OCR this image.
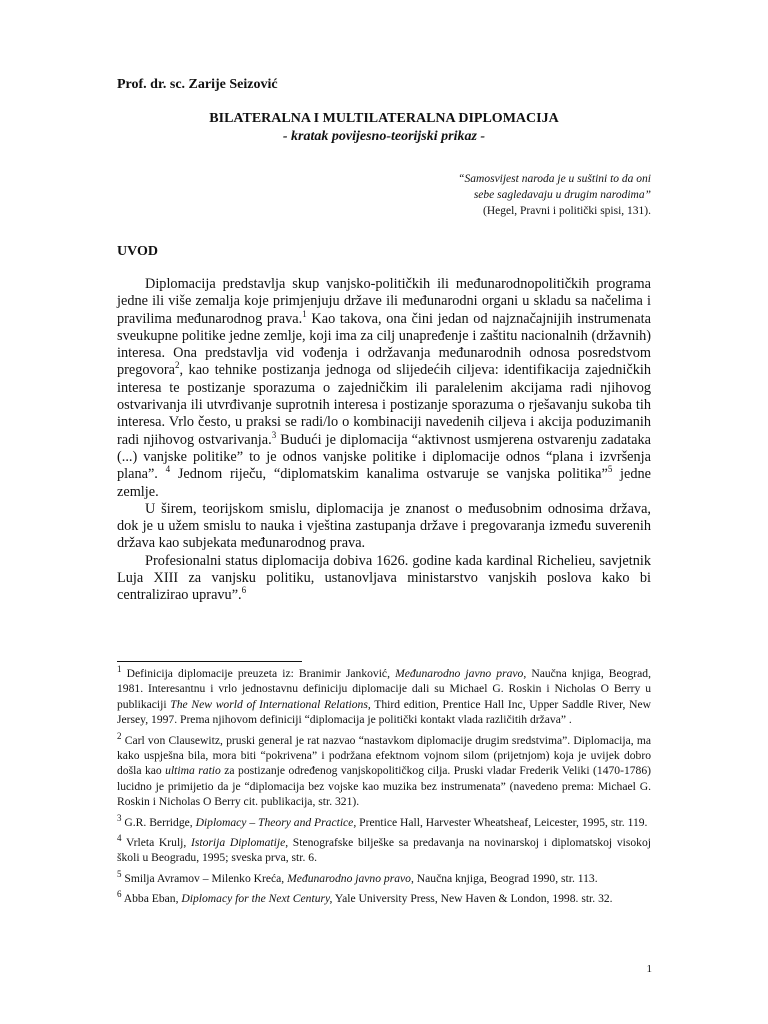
Prof. dr. sc. Zarije Seizović
BILATERALNA I MULTILATERALNA DIPLOMACIJA
- kratak povijesno-teorijski prikaz -
“Samosvijest naroda je u suštini to da oni
sebe sagledavaju u drugim narodima”
(Hegel, Pravni i politički spisi, 131).
UVOD

Diplomacija predstavlja skup vanjsko-političkih ili međunarodnopolitičkih programa jedne ili više zemalja koje primjenjuju države ili međunarodni organi u skladu sa načelima i pravilima međunarodnog prava.$^1$ Kao takova, ona čini jedan od najznačajnijih instrumenata sveukupne politike jedne zemlje, koji ima za cilj unapređenje i zaštitu nacionalnih (državnih) interesa. Ona predstavlja vid vođenja i održavanja međunarodnih odnosa posredstvom pregovora$^2$, kao tehnike postizanja jednoga od slijedećih ciljeva: identifikacija zajedničkih interesa te postizanje sporazuma o zajedničkim ili paralelenim akcijama radi njihovog ostvarivanja ili utvrđivanje suprotnih interesa i postizanje sporazuma o rješavanju sukoba tih interesa. Vrlo često, u praksi se radi/lo o kombinaciji navedenih ciljeva i akcija poduzimanih radi njihovog ostvarivanja.$^3$ Budući je diplomacija “aktivnost usmjerena ostvarenju zadataka (...) vanjske politike” to je odnos vanjske politike i diplomacije odnos “plana i izvršenja plana”. $^4$ Jednom riječu, “diplomatskim kanalima ostvaruje se vanjska politika”$^5$ jedne zemlje.

U širem, teorijskom smislu, diplomacija je znanost o međusobnim odnosima država, dok je u užem smislu to nauka i vještina zastupanja države i pregovaranja između suverenih država kao subjekata međunarodnog prava.

Profesionalni status diplomacija dobiva 1626. godine kada kardinal Richelieu, savjetnik Luja XIII za vanjsku politiku, ustanovljava ministarstvo vanjskih poslova kako bi centralizirao upravu”.$^6$

$^1$ Definicija diplomacije preuzeta iz: Branimir Janković, Međunarodno javno pravo, Naučna knjiga, Beograd, 1981. Interesantnu i vrlo jednostavnu definiciju diplomacije dali su Michael G. Roskin i Nicholas O Berry u publikaciji The New world of International Relations, Third edition, Prentice Hall Inc, Upper Saddle River, New Jersey, 1997. Prema njihovom definiciji “diplomacija je politički kontakt vlada različitih država” .
$^2$ Carl von Clausewitz, pruski general je rat nazvao “nastavkom diplomacije drugim sredstvima”. Diplomacija, ma kako uspješna bila, mora biti “pokrivena” i podržana efektnom vojnom silom (prijetnjom) koja je uvijek dobro došla kao ultima ratio za postizanje određenog vanjskopolitičkog cilja. Pruski vladar Frederik Veliki (1470-1786) lucidno je primijetio da je “diplomacija bez vojske kao muzika bez instrumenata” (navedeno prema: Michael G. Roskin i Nicholas O Berry cit. publikacija, str. 321).
$^3$ G.R. Berridge, Diplomacy – Theory and Practice, Prentice Hall, Harvester Wheatsheaf, Leicester, 1995, str. 119.
$^4$ Vrleta Krulj, Istorija Diplomatije, Stenografske bilješke sa predavanja na novinarskoj i diplomatskoj visokoj školi u Beogradu, 1995; sveska prva, str. 6.
$^5$ Smilja Avramov – Milenko Kreća, Međunarodno javno pravo, Naučna knjiga, Beograd 1990, str. 113.
$^6$ Abba Eban, Diplomacy for the Next Century, Yale University Press, New Haven & London, 1998. str. 32.
1
